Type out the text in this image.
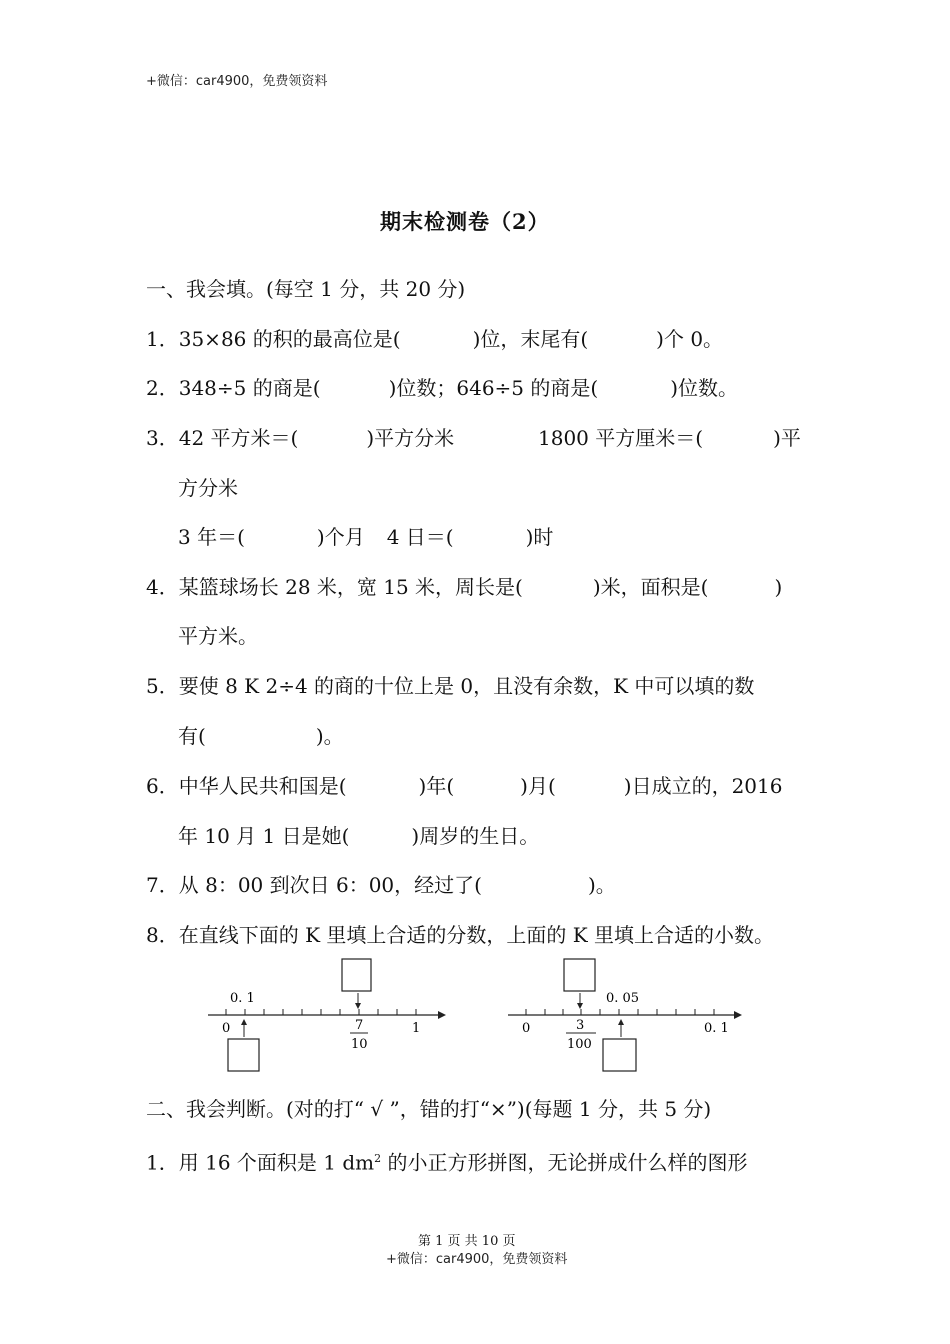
+微信：car4900，免费领资料
期末检测卷（2）
一、我会填。(每空 1 分，共 20 分)
1．35×86 的积的最高位是(	)位，末尾有(	)个 0。
2．348÷5 的商是(	)位数；646÷5 的商是(	)位数。
3．42 平方米＝(	)平方分米	1800 平方厘米＝(	)平
方分米
3 年＝(	)个月 4 日＝(	)时
4．某篮球场长 28 米，宽 15 米，周长是(	)米，面积是(	)
平方米。
5．要使 8 K 2÷4 的商的十位上是 0，且没有余数，K 中可以填的数
有(	)。
6．中华人民共和国是(	)年(	)月(	)日成立的，2016
年 10 月 1 日是她(	)周岁的生日。
7．从 8：00 到次日 6：00，经过了(	)。
8．在直线下面的 K 里填上合适的分数，上面的 K 里填上合适的小数。
0. 1
0	7
10
1
0. 05
0	3
100
0. 1
二、我会判断。(对的打“ √ ”，错的打“×”)(每题 1 分，共 5 分)
1．用 16 个面积是 1 $dm^2$ 的小正方形拼图，无论拼成什么样的图形
第 1 页 共 10 页
+微信：car4900，免费领资料
